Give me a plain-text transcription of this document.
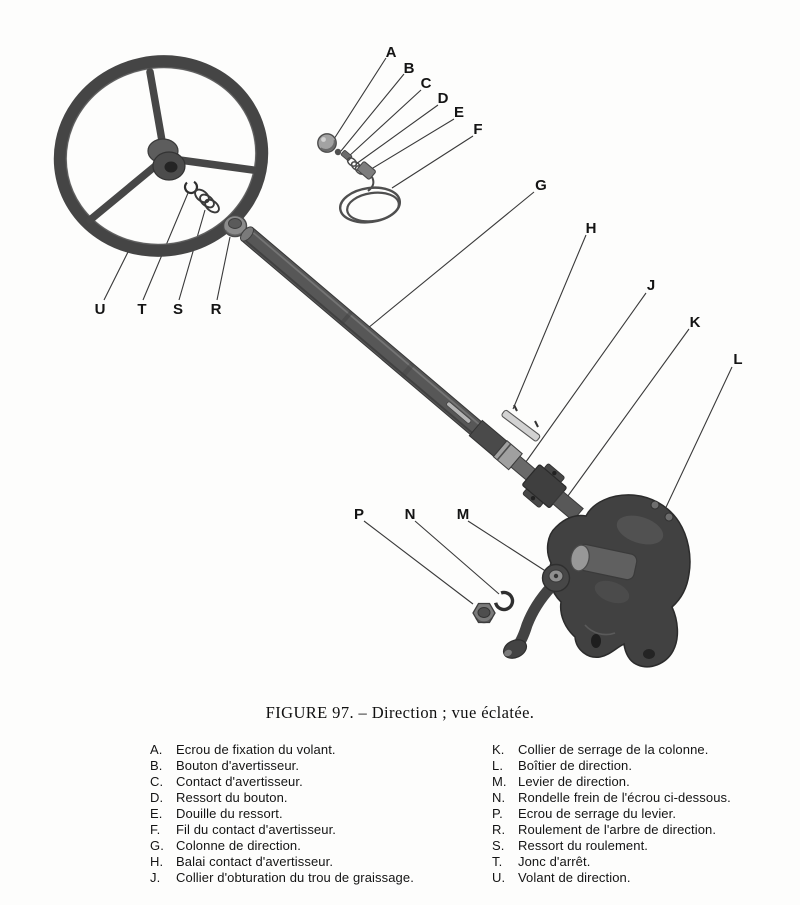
A
B
C
D
E
F
G
H
J
K
L
M
N
P
R
S
T
U
FIGURE 97. – Direction ; vue éclatée.
A.	Ecrou de fixation du volant.
B.	Bouton d'avertisseur.
C. Contact d'avertisseur.
D. Ressort du bouton.
E.	Douille du ressort.
F.	Fil du contact d'avertisseur.
G. Colonne de direction.
H. Balai contact d'avertisseur.
J.	Collier d'obturation du trou de graissage.
K.	Collier de serrage de la colonne.
L.	Boîtier de direction.
M. Levier de direction.
N. Rondelle frein de l'écrou ci-dessous.
P.	Ecrou de serrage du levier.
R. Roulement de l'arbre de direction.
S.	Ressort du roulement.
T.	Jonc d'arrêt.
U. Volant de direction.
